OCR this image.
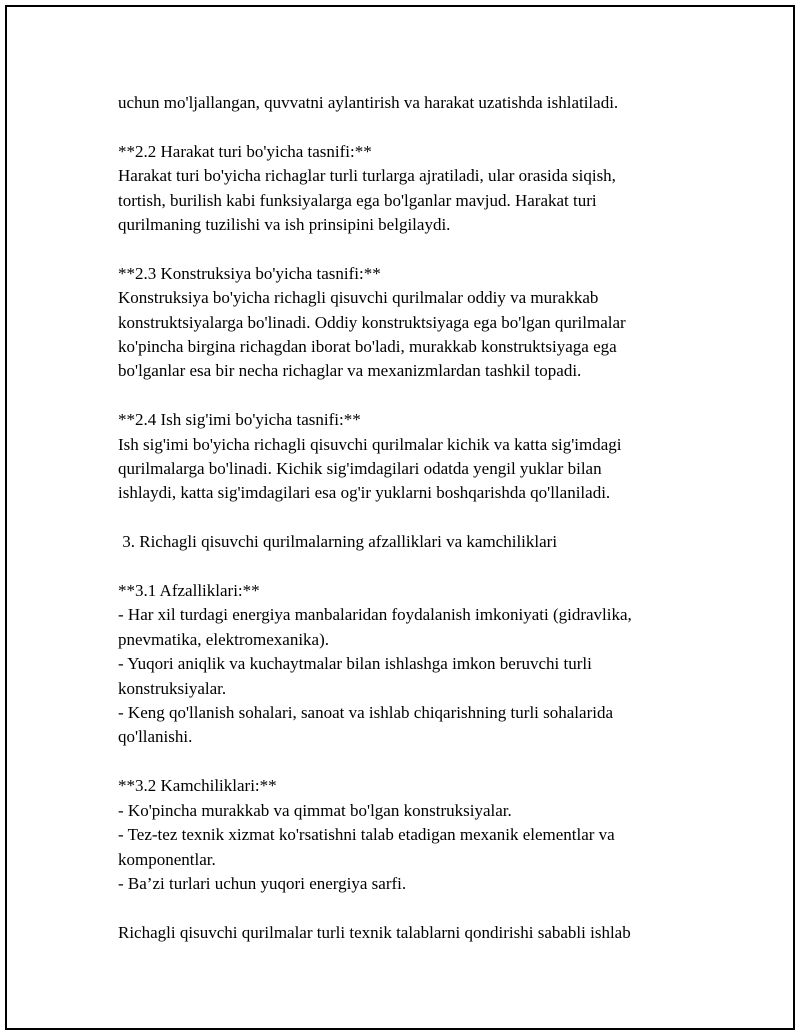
uchun mo'ljallangan, quvvatni aylantirish va harakat uzatishda ishlatiladi.
**2.2 Harakat turi bo'yicha tasnifi:**
Harakat turi bo'yicha richaglar turli turlarga ajratiladi, ular orasida siqish,
tortish, burilish kabi funksiyalarga ega bo'lganlar mavjud. Harakat turi
qurilmaning tuzilishi va ish prinsipini belgilaydi.
**2.3 Konstruksiya bo'yicha tasnifi:**
Konstruksiya bo'yicha richagli qisuvchi qurilmalar oddiy va murakkab
konstruktsiyalarga bo'linadi. Oddiy konstruktsiyaga ega bo'lgan qurilmalar
ko'pincha birgina richagdan iborat bo'ladi, murakkab konstruktsiyaga ega
bo'lganlar esa bir necha richaglar va mexanizmlardan tashkil topadi.
**2.4 Ish sig'imi bo'yicha tasnifi:**
Ish sig'imi bo'yicha richagli qisuvchi qurilmalar kichik va katta sig'imdagi
qurilmalarga bo'linadi. Kichik sig'imdagilari odatda yengil yuklar bilan
ishlaydi, katta sig'imdagilari esa og'ir yuklarni boshqarishda qo'llaniladi.
3. Richagli qisuvchi qurilmalarning afzalliklari va kamchiliklari
**3.1 Afzalliklari:**
- Har xil turdagi energiya manbalaridan foydalanish imkoniyati (gidravlika,
pnevmatika, elektromexanika).
- Yuqori aniqlik va kuchaytmalar bilan ishlashga imkon beruvchi turli
konstruksiyalar.
- Keng qo'llanish sohalari, sanoat va ishlab chiqarishning turli sohalarida
qo'llanishi.
**3.2 Kamchiliklari:**
- Ko'pincha murakkab va qimmat bo'lgan konstruksiyalar.
- Tez-tez texnik xizmat ko'rsatishni talab etadigan mexanik elementlar va
komponentlar.
- Ba’zi turlari uchun yuqori energiya sarfi.
Richagli qisuvchi qurilmalar turli texnik talablarni qondirishi sababli ishlab
